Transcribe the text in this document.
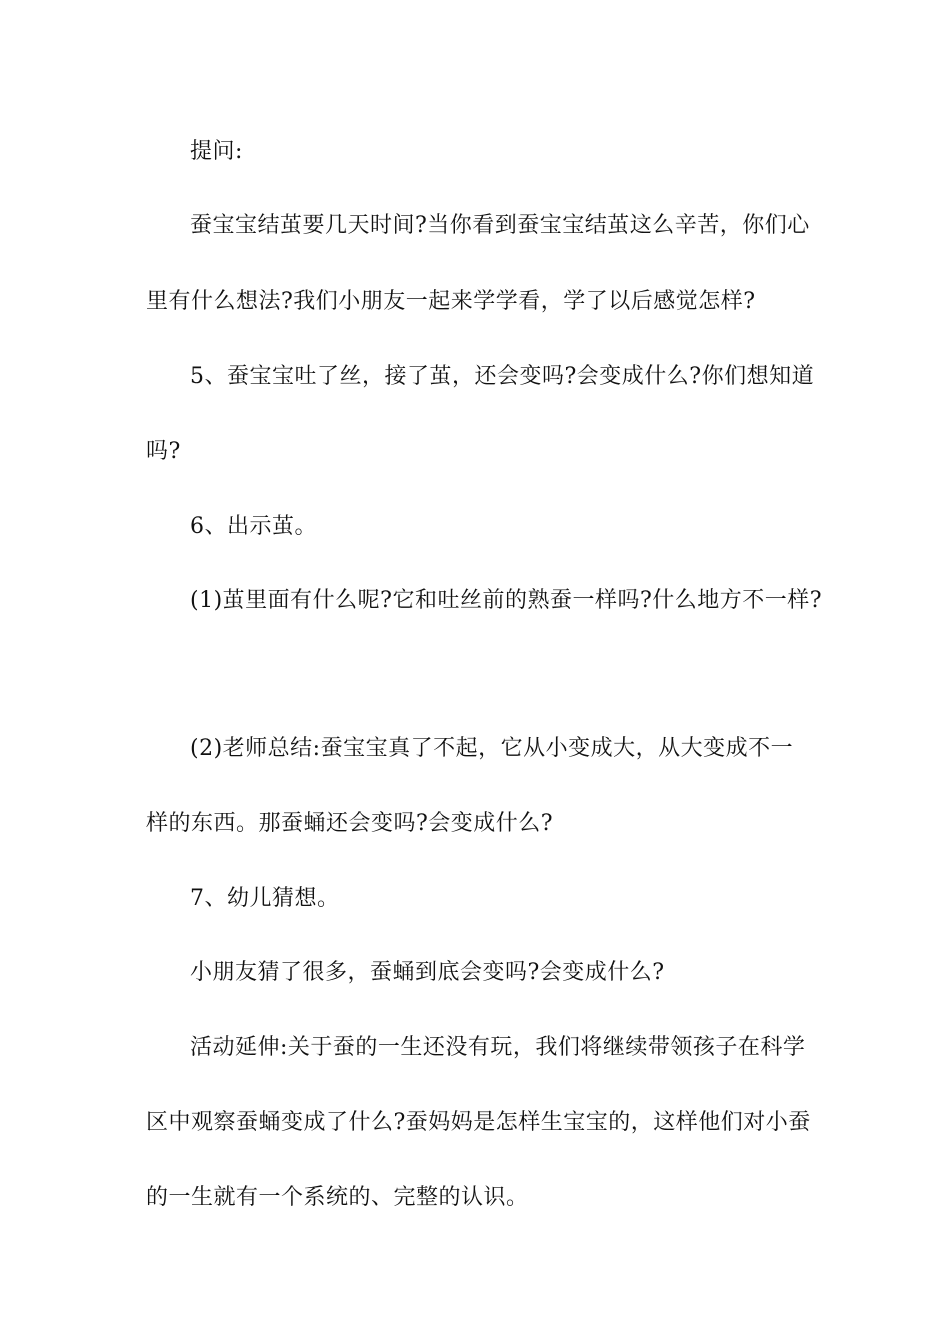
提问:
蚕宝宝结茧要几天时间?当你看到蚕宝宝结茧这么辛苦，你们心
里有什么想法?我们小朋友一起来学学看，学了以后感觉怎样?
5、蚕宝宝吐了丝，接了茧，还会变吗?会变成什么?你们想知道
吗?
6、出示茧。
(1)茧里面有什么呢?它和吐丝前的熟蚕一样吗?什么地方不一样?
(2)老师总结:蚕宝宝真了不起，它从小变成大，从大变成不一
样的东西。那蚕蛹还会变吗?会变成什么?
7、幼儿猜想。
小朋友猜了很多，蚕蛹到底会变吗?会变成什么?
活动延伸:关于蚕的一生还没有玩，我们将继续带领孩子在科学
区中观察蚕蛹变成了什么?蚕妈妈是怎样生宝宝的，这样他们对小蚕
的一生就有一个系统的、完整的认识。
